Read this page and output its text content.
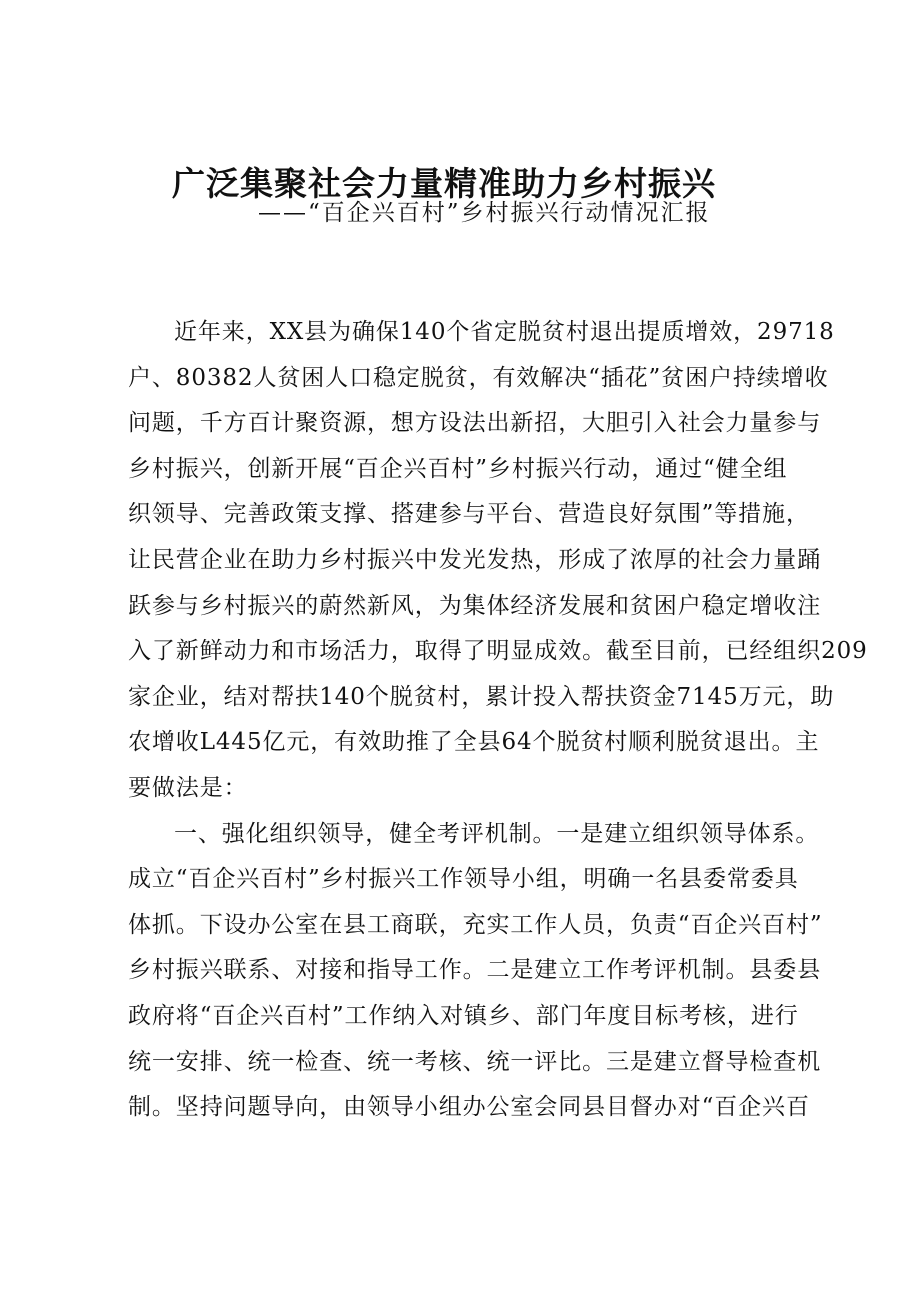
广泛集聚社会力量精准助力乡村振兴
——“百企兴百村”乡村振兴行动情况汇报
近年来，XX县为确保140个省定脱贫村退出提质增效，29718
户、80382人贫困人口稳定脱贫，有效解决“插花”贫困户持续增收
问题，千方百计聚资源，想方设法出新招，大胆引入社会力量参与
乡村振兴，创新开展“百企兴百村”乡村振兴行动，通过“健全组
织领导、完善政策支撑、搭建参与平台、营造良好氛围”等措施，
让民营企业在助力乡村振兴中发光发热，形成了浓厚的社会力量踊
跃参与乡村振兴的蔚然新风，为集体经济发展和贫困户稳定增收注
入了新鲜动力和市场活力，取得了明显成效。截至目前，已经组织209
家企业，结对帮扶140个脱贫村，累计投入帮扶资金7145万元，助
农增收L445亿元，有效助推了全县64个脱贫村顺利脱贫退出。主
要做法是：
一、强化组织领导，健全考评机制。一是建立组织领导体系。
成立“百企兴百村”乡村振兴工作领导小组，明确一名县委常委具
体抓。下设办公室在县工商联，充实工作人员，负责“百企兴百村”
乡村振兴联系、对接和指导工作。二是建立工作考评机制。县委县
政府将“百企兴百村”工作纳入对镇乡、部门年度目标考核，进行
统一安排、统一检查、统一考核、统一评比。三是建立督导检查机
制。坚持问题导向，由领导小组办公室会同县目督办对“百企兴百
